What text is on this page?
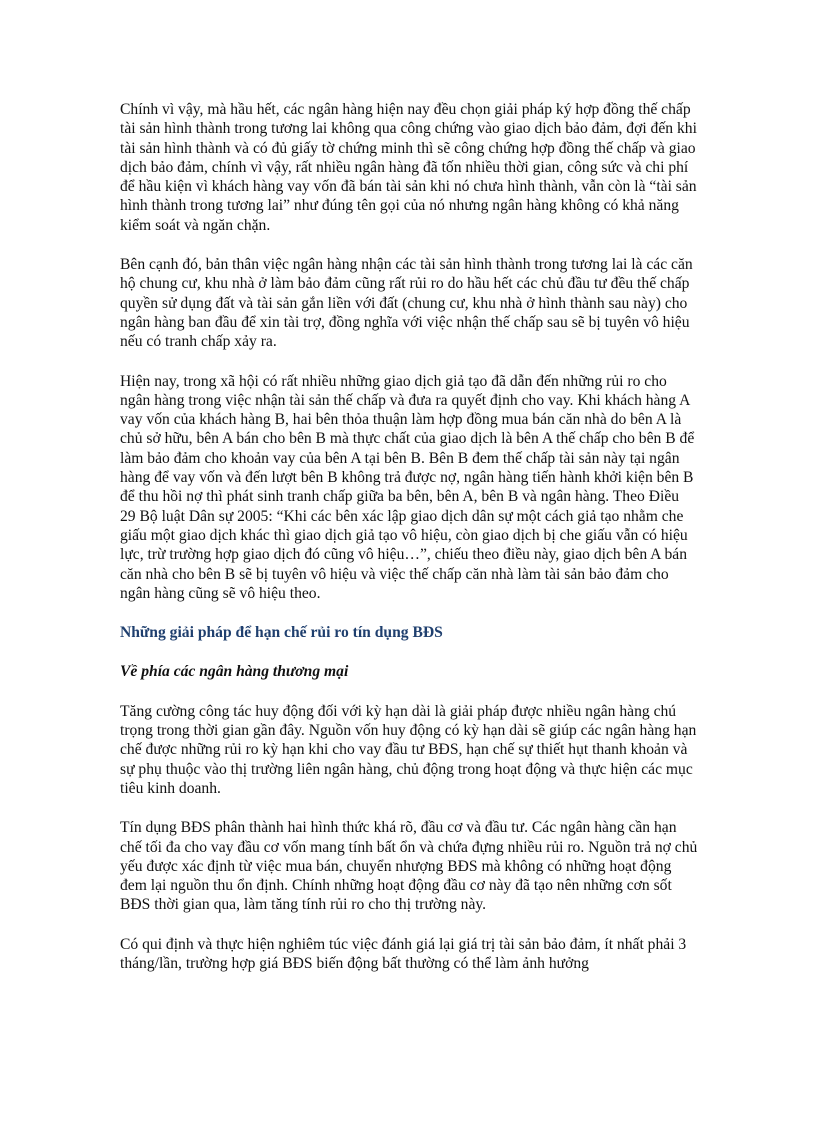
Chính vì vậy, mà hầu hết, các ngân hàng hiện nay đều chọn giải pháp ký hợp đồng thế chấp tài sản hình thành trong tương lai không qua công chứng vào giao dịch bảo đảm, đợi đến khi tài sản hình thành và có đủ giấy tờ chứng minh thì sẽ công chứng hợp đồng thế chấp và giao dịch bảo đảm, chính vì vậy, rất nhiều ngân hàng đã tốn nhiều thời gian, công sức và chi phí để hầu kiện vì khách hàng vay vốn đã bán tài sản khi nó chưa hình thành, vẫn còn là “tài sản hình thành trong tương lai” như đúng tên gọi của nó nhưng ngân hàng không có khả năng kiểm soát và ngăn chặn.

Bên cạnh đó, bản thân việc ngân hàng nhận các tài sản hình thành trong tương lai là các căn hộ chung cư, khu nhà ở làm bảo đảm cũng rất rủi ro do hầu hết các chủ đầu tư đều thế chấp quyền sử dụng đất và tài sản gắn liền với đất (chung cư, khu nhà ở hình thành sau này) cho ngân hàng ban đầu để xin tài trợ, đồng nghĩa với việc nhận thế chấp sau sẽ bị tuyên vô hiệu nếu có tranh chấp xảy ra.

Hiện nay, trong xã hội có rất nhiều những giao dịch giả tạo đã dẫn đến những rủi ro cho ngân hàng trong việc nhận tài sản thế chấp và đưa ra quyết định cho vay. Khi khách hàng A vay vốn của khách hàng B, hai bên thỏa thuận làm hợp đồng mua bán căn nhà do bên A là chủ sở hữu, bên A bán cho bên B mà thực chất của giao dịch là bên A thế chấp cho bên B để làm bảo đảm cho khoản vay của bên A tại bên B. Bên B đem thế chấp tài sản này tại ngân hàng để vay vốn và đến lượt bên B không trả được nợ, ngân hàng tiến hành khởi kiện bên B để thu hồi nợ thì phát sinh tranh chấp giữa ba bên, bên A, bên B và ngân hàng. Theo Điều 29 Bộ luật Dân sự 2005: “Khi các bên xác lập giao dịch dân sự một cách giả tạo nhằm che giấu một giao dịch khác thì giao dịch giả tạo vô hiệu, còn giao dịch bị che giấu vẫn có hiệu lực, trừ trường hợp giao dịch đó cũng vô hiệu…”, chiếu theo điều này, giao dịch bên A bán căn nhà cho bên B sẽ bị tuyên vô hiệu và việc thế chấp căn nhà làm tài sản bảo đảm cho ngân hàng cũng sẽ vô hiệu theo.

Những giải pháp để hạn chế rủi ro tín dụng BĐS
Về phía các ngân hàng thương mại

Tăng cường công tác huy động đối với kỳ hạn dài là giải pháp được nhiều ngân hàng chú trọng trong thời gian gần đây. Nguồn vốn huy động có kỳ hạn dài sẽ giúp các ngân hàng hạn chế được những rủi ro kỳ hạn khi cho vay đầu tư BĐS, hạn chế sự thiết hụt thanh khoản và sự phụ thuộc vào thị trường liên ngân hàng, chủ động trong hoạt động và thực hiện các mục tiêu kinh doanh.

Tín dụng BĐS phân thành hai hình thức khá rõ, đầu cơ và đầu tư. Các ngân hàng cần hạn chế tối đa cho vay đầu cơ vốn mang tính bất ổn và chứa đựng nhiều rủi ro. Nguồn trả nợ chủ yếu được xác định từ việc mua bán, chuyển nhượng BĐS mà không có những hoạt động đem lại nguồn thu ổn định. Chính những hoạt động đầu cơ này đã tạo nên những cơn sốt BĐS thời gian qua, làm tăng tính rủi ro cho thị trường này.

Có qui định và thực hiện nghiêm túc việc đánh giá lại giá trị tài sản bảo đảm, ít nhất phải 3 tháng/lần, trường hợp giá BĐS biến động bất thường có thể làm ảnh hưởng
